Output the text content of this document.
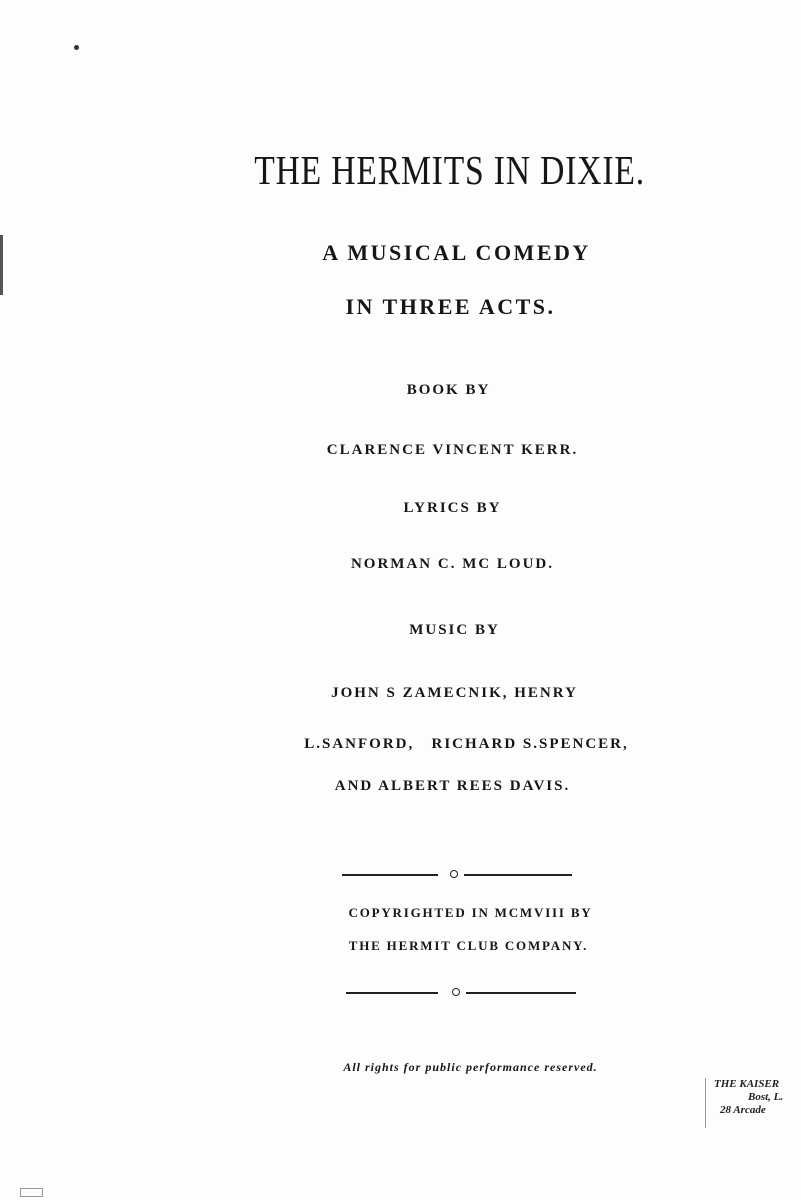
THE HERMITS IN DIXIE.
A MUSICAL COMEDY
IN THREE ACTS.
BOOK BY
CLARENCE VINCENT KERR.
LYRICS BY
NORMAN C. MC LOUD.
MUSIC BY
JOHN S ZAMECNIK, HENRY
L.SANFORD,   RICHARD S.SPENCER,
AND ALBERT REES DAVIS.
COPYRIGHTED IN MCMVIII BY
THE HERMIT CLUB COMPANY.
All rights for public performance reserved.
THE KAISER
Bost, L.
28 Arcade
